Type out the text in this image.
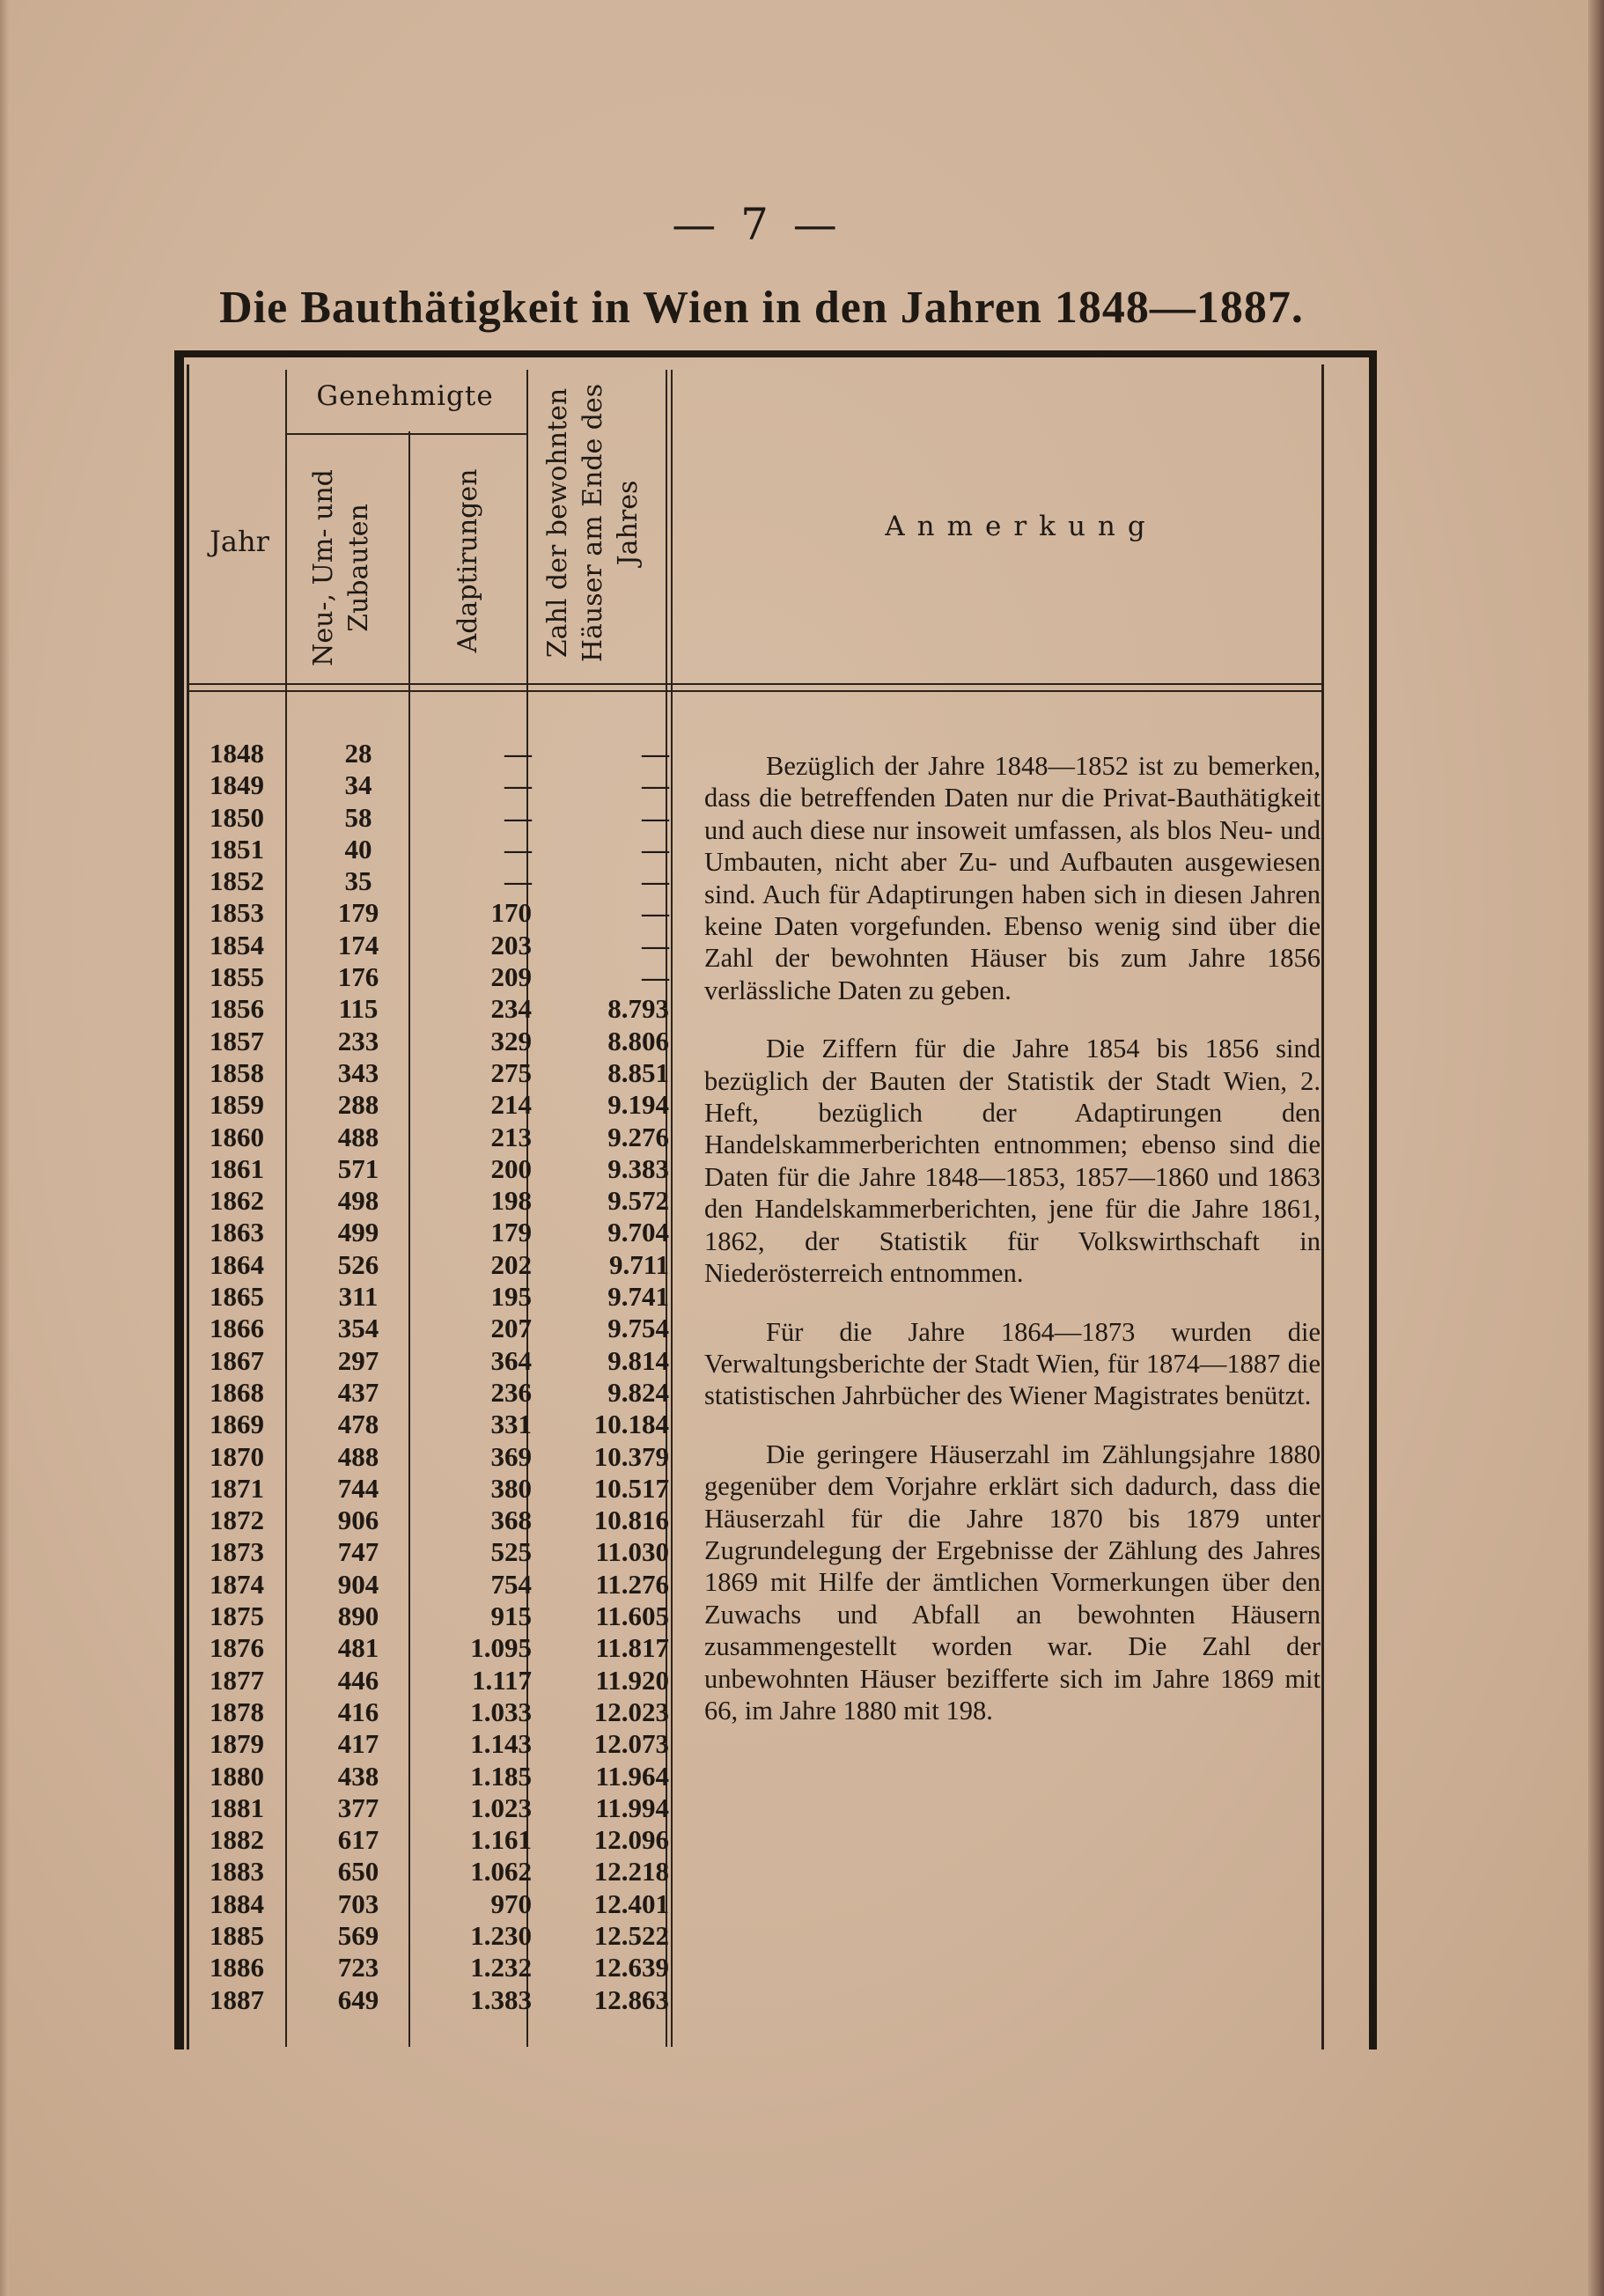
— 7 —
Die Bauthätigkeit in Wien in den Jahren 1848—1887.
Jahr
Genehmigte
Neu-, Um- und Zubauten	Adaptirungen Zahl der bewohnten Häuser am Ende des Jahres	Anmerkung
1848
1849
1850
1851
1852
1853
1854
1855
1856
1857
1858
1859
1860
1861
1862
1863
1864
1865
1866
1867
1868
1869
1870
1871
1872
1873
1874
1875
1876
1877
1878
1879
1880
1881
1882
1883
1884
1885
1886
1887
28
34
58
40
35
179
174
176
115
233
343
288
488
571
498
499
526
311
354
297
437
478
488
744
906
747
904
890
481
446
416
417
438
377
617
650
703
569
723
649
—
—
—
—
—
170
203
209
234
329
275
214
213
200
198
179
202
195
207
364
236
331
369
380
368
525
754
915
1.095
1.117
1.033
1.143
1.185
1.023
1.161
1.062
970
1.230
1.232
1.383
—
—
—
—
—
—
—
—
8.793
8.806
8.851
9.194
9.276
9.383
9.572
9.704
9.711
9.741
9.754
9.814
9.824
10.184
10.379
10.517
10.816
11.030
11.276
11.605
11.817
11.920
12.023
12.073
11.964
11.994
12.096
12.218
12.401
12.522
12.639
12.863

Bezüglich der Jahre 1848—1852 ist zu bemerken, dass die betreffenden Daten nur die Privat-Bauthätigkeit und auch diese nur insoweit umfassen, als blos Neu- und Umbauten, nicht aber Zu- und Aufbauten ausgewiesen sind. Auch für Adaptirungen haben sich in diesen Jahren keine Daten vorgefunden. Ebenso wenig sind über die Zahl der bewohnten Häuser bis zum Jahre 1856 verlässliche Daten zu geben.

Die Ziffern für die Jahre 1854 bis 1856 sind bezüglich der Bauten der Statistik der Stadt Wien, 2. Heft, bezüglich der Adaptirungen den Handelskammerberichten entnommen; ebenso sind die Daten für die Jahre 1848—1853, 1857—1860 und 1863 den Handelskammerberichten, jene für die Jahre 1861, 1862, der Statistik für Volkswirthschaft in Niederösterreich entnommen.

Für die Jahre 1864—1873 wurden die Verwaltungsberichte der Stadt Wien, für 1874—1887 die statistischen Jahrbücher des Wiener Magistrates benützt.

Die geringere Häuserzahl im Zählungsjahre 1880 gegenüber dem Vorjahre erklärt sich dadurch, dass die Häuserzahl für die Jahre 1870 bis 1879 unter Zugrundelegung der Ergebnisse der Zählung des Jahres 1869 mit Hilfe der ämtlichen Vormerkungen über den Zuwachs und Abfall an bewohnten Häusern zusammengestellt worden war. Die Zahl der unbewohnten Häuser bezifferte sich im Jahre 1869 mit 66, im Jahre 1880 mit 198.
